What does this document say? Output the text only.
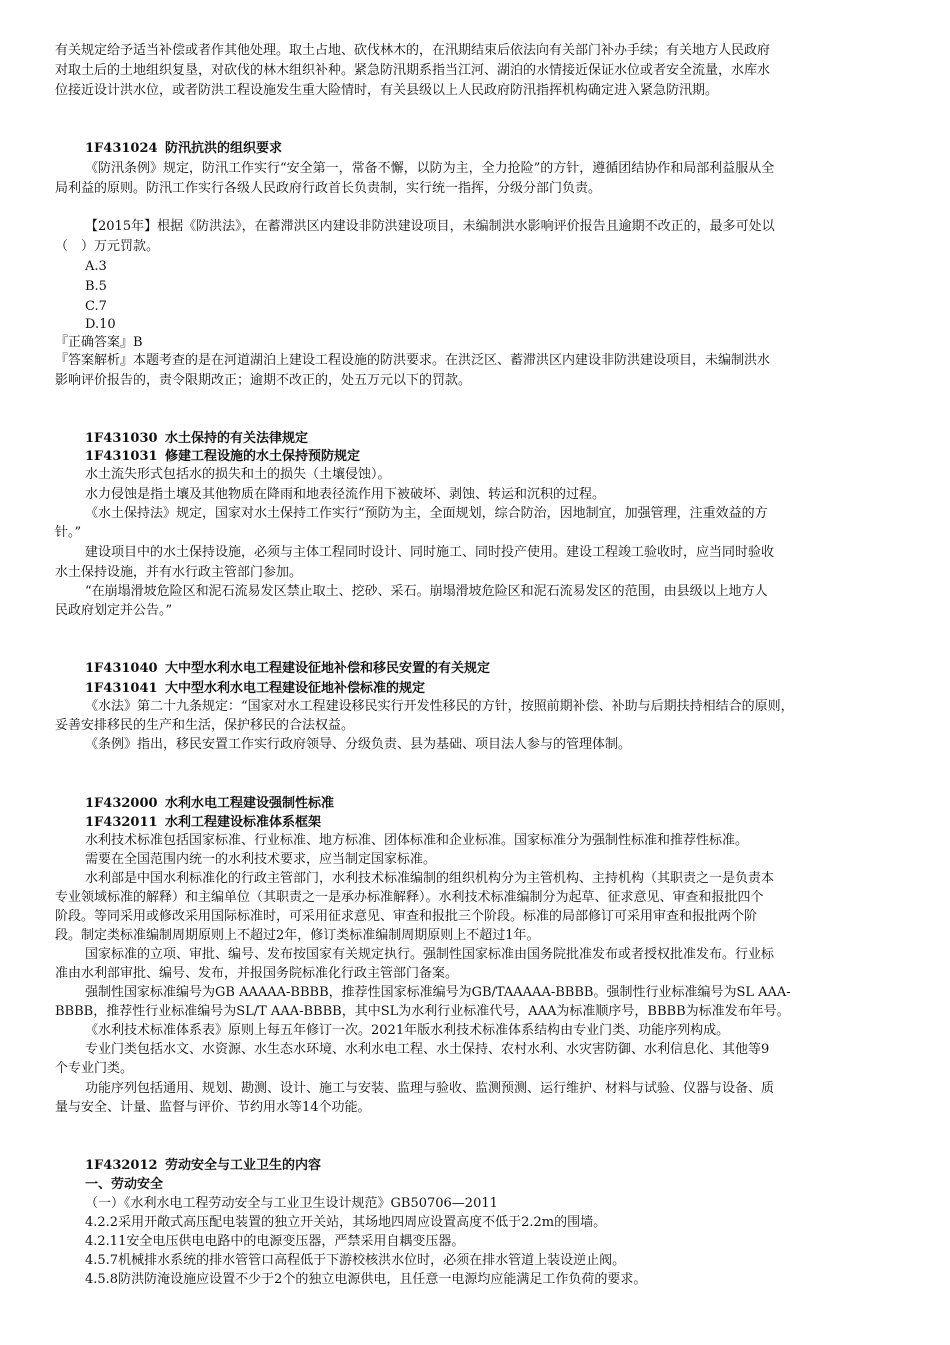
有关规定给予适当补偿或者作其他处理。取土占地、砍伐林木的，在汛期结束后依法向有关部门补办手续；有关地方人民政府
对取土后的土地组织复垦，对砍伐的林木组织补种。紧急防汛期系指当江河、湖泊的水情接近保证水位或者安全流量，水库水
位接近设计洪水位，或者防洪工程设施发生重大险情时，有关县级以上人民政府防汛指挥机构确定进入紧急防汛期。
1F431024 防汛抗洪的组织要求
《防汛条例》规定，防汛工作实行“安全第一，常备不懈，以防为主，全力抢险”的方针，遵循团结协作和局部利益服从全
局利益的原则。防汛工作实行各级人民政府行政首长负责制，实行统一指挥，分级分部门负责。
【2015年】根据《防洪法》，在蓄滞洪区内建设非防洪建设项目，未编制洪水影响评价报告且逾期不改正的，最多可处以
（　）万元罚款。
A.3
B.5
C.7
D.10
『正确答案』B
『答案解析』本题考查的是在河道湖泊上建设工程设施的防洪要求。在洪泛区、蓄滞洪区内建设非防洪建设项目，未编制洪水
影响评价报告的，责令限期改正；逾期不改正的，处五万元以下的罚款。
1F431030 水土保持的有关法律规定
1F431031 修建工程设施的水土保持预防规定
水土流失形式包括水的损失和土的损失（土壤侵蚀）。
水力侵蚀是指土壤及其他物质在降雨和地表径流作用下被破坏、剥蚀、转运和沉积的过程。
《水土保持法》规定，国家对水土保持工作实行“预防为主，全面规划，综合防治，因地制宜，加强管理，注重效益的方
针。”
建设项目中的水土保持设施，必须与主体工程同时设计、同时施工、同时投产使用。建设工程竣工验收时，应当同时验收
水土保持设施，并有水行政主管部门参加。
“在崩塌滑坡危险区和泥石流易发区禁止取土、挖砂、采石。崩塌滑坡危险区和泥石流易发区的范围，由县级以上地方人
民政府划定并公告。”
1F431040 大中型水利水电工程建设征地补偿和移民安置的有关规定
1F431041 大中型水利水电工程建设征地补偿标准的规定
《水法》第二十九条规定：“国家对水工程建设移民实行开发性移民的方针，按照前期补偿、补助与后期扶持相结合的原则，
妥善安排移民的生产和生活，保护移民的合法权益。
《条例》指出，移民安置工作实行政府领导、分级负责、县为基础、项目法人参与的管理体制。
1F432000 水利水电工程建设强制性标准
1F432011 水利工程建设标准体系框架
水利技术标准包括国家标准、行业标准、地方标准、团体标准和企业标准。国家标准分为强制性标准和推荐性标准。
需要在全国范围内统一的水利技术要求，应当制定国家标准。
水利部是中国水利标准化的行政主管部门，水利技术标准编制的组织机构分为主管机构、主持机构（其职责之一是负责本
专业领域标准的解释）和主编单位（其职责之一是承办标准解释）。水利技术标准编制分为起草、征求意见、审查和报批四个
阶段。等同采用或修改采用国际标准时，可采用征求意见、审查和报批三个阶段。标准的局部修订可采用审查和报批两个阶
段。制定类标准编制周期原则上不超过2年，修订类标准编制周期原则上不超过1年。
国家标准的立项、审批、编号、发布按国家有关规定执行。强制性国家标准由国务院批准发布或者授权批准发布。行业标
准由水利部审批、编号、发布，并报国务院标准化行政主管部门备案。
强制性国家标准编号为GB AAAAA-BBBB，推荐性国家标准编号为GB/TAAAAA-BBBB。强制性行业标准编号为SL AAA-
BBBB，推荐性行业标准编号为SL/T AAA-BBBB，其中SL为水利行业标准代号，AAA为标准顺序号，BBBB为标准发布年号。
《水利技术标准体系表》原则上每五年修订一次。2021年版水利技术标准体系结构由专业门类、功能序列构成。
专业门类包括水文、水资源、水生态水环境、水利水电工程、水土保持、农村水利、水灾害防御、水利信息化、其他等9
个专业门类。
功能序列包括通用、规划、勘测、设计、施工与安装、监理与验收、监测预测、运行维护、材料与试验、仪器与设备、质
量与安全、计量、监督与评价、节约用水等14个功能。
1F432012 劳动安全与工业卫生的内容
一、劳动安全
（一）《水利水电工程劳动安全与工业卫生设计规范》GB50706—2011
4.2.2采用开敞式高压配电装置的独立开关站，其场地四周应设置高度不低于2.2m的围墙。
4.2.11安全电压供电电路中的电源变压器，严禁采用自耦变压器。
4.5.7机械排水系统的排水管管口高程低于下游校核洪水位时，必须在排水管道上装设逆止阀。
4.5.8防洪防淹设施应设置不少于2个的独立电源供电，且任意一电源均应能满足工作负荷的要求。
